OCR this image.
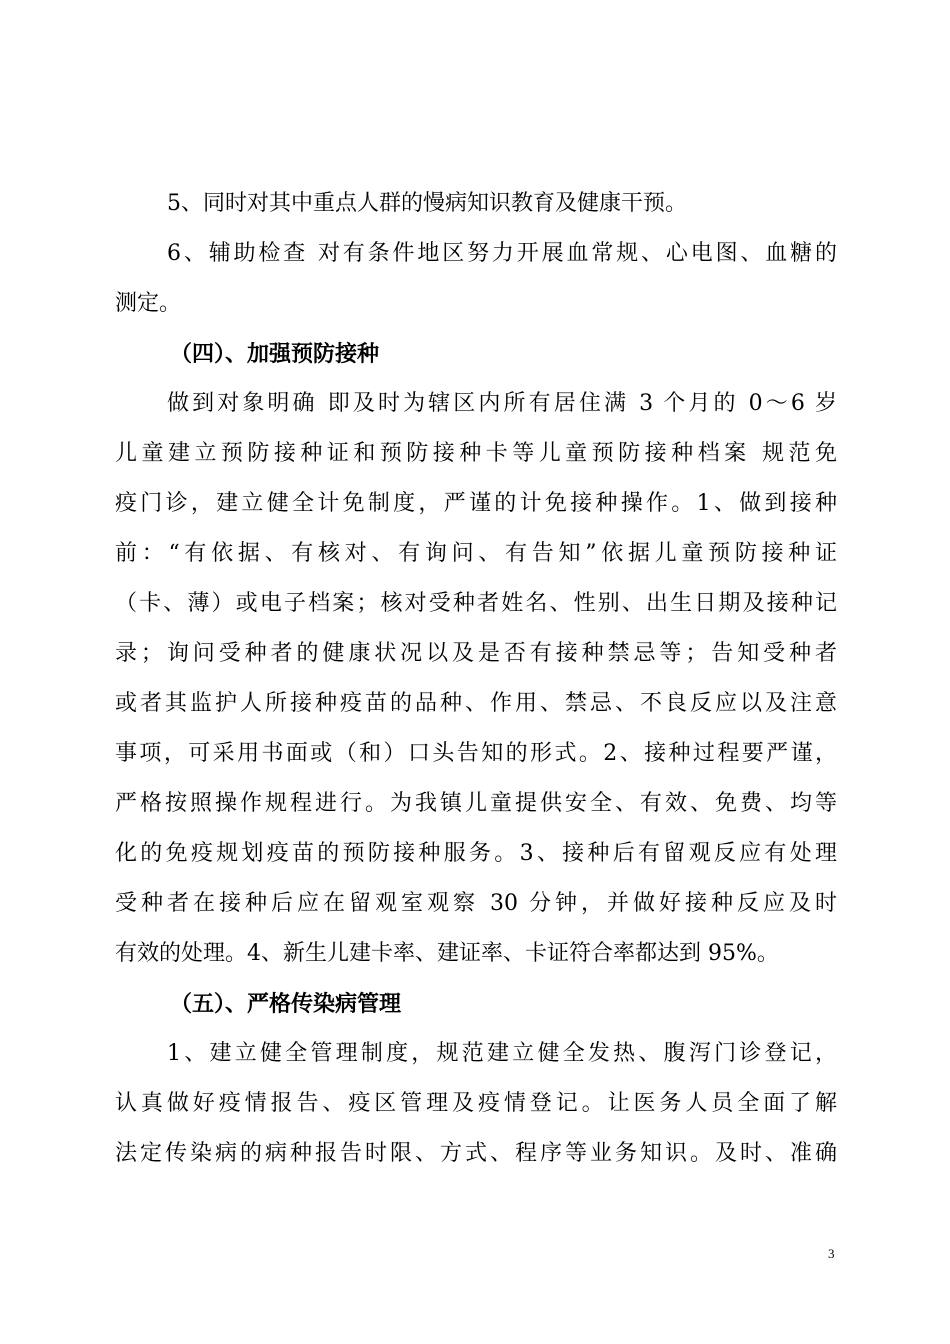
5、同时对其中重点人群的慢病知识教育及健康干预。
6、辅助检查 对有条件地区努力开展血常规、心电图、血糖的
测定。
（四）、加强预防接种
做到对象明确 即及时为辖区内所有居住满 3 个月的 0～6 岁
儿童建立预防接种证和预防接种卡等儿童预防接种档案 规范免
疫门诊，建立健全计免制度，严谨的计免接种操作。1、做到接种
前：“有依据、有核对、有询问、有告知”依据儿童预防接种证
（卡、薄）或电子档案；核对受种者姓名、性别、出生日期及接种记
录；询问受种者的健康状况以及是否有接种禁忌等；告知受种者
或者其监护人所接种疫苗的品种、作用、禁忌、不良反应以及注意
事项，可采用书面或（和）口头告知的形式。2、接种过程要严谨，
严格按照操作规程进行。为我镇儿童提供安全、有效、免费、均等
化的免疫规划疫苗的预防接种服务。3、接种后有留观反应有处理
受种者在接种后应在留观室观察 30 分钟，并做好接种反应及时
有效的处理。4、新生儿建卡率、建证率、卡证符合率都达到 95%。
（五）、严格传染病管理
1、建立健全管理制度，规范建立健全发热、腹泻门诊登记，
认真做好疫情报告、疫区管理及疫情登记。让医务人员全面了解
法定传染病的病种报告时限、方式、程序等业务知识。及时、准确
3
